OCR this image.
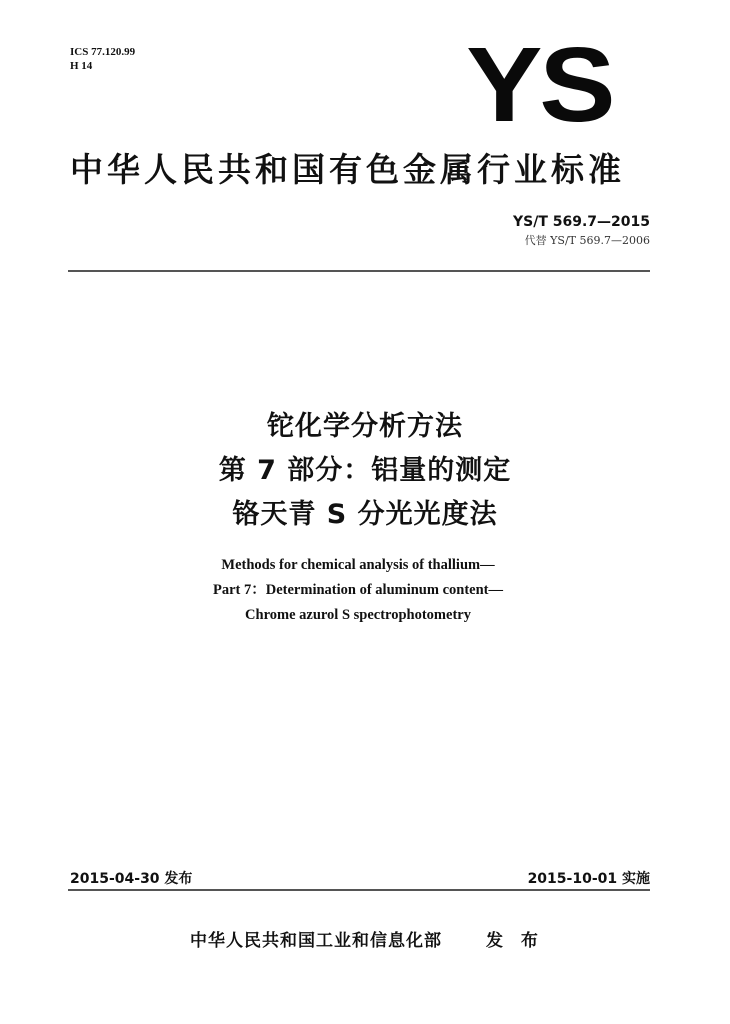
ICS 77.120.99
H 14	YS
中华人民共和国有色金属行业标准
YS/T 569.7—2015
代替 YS/T 569.7—2006
铊化学分析方法
第 7 部分：铝量的测定
铬天青 S 分光光度法
Methods for chemical analysis of thallium—
Part 7：Determination of aluminum content—
Chrome azurol S spectrophotometry
2015-04-30 发布	2015-10-01 实施
中华人民共和国工业和信息化部	发 布
